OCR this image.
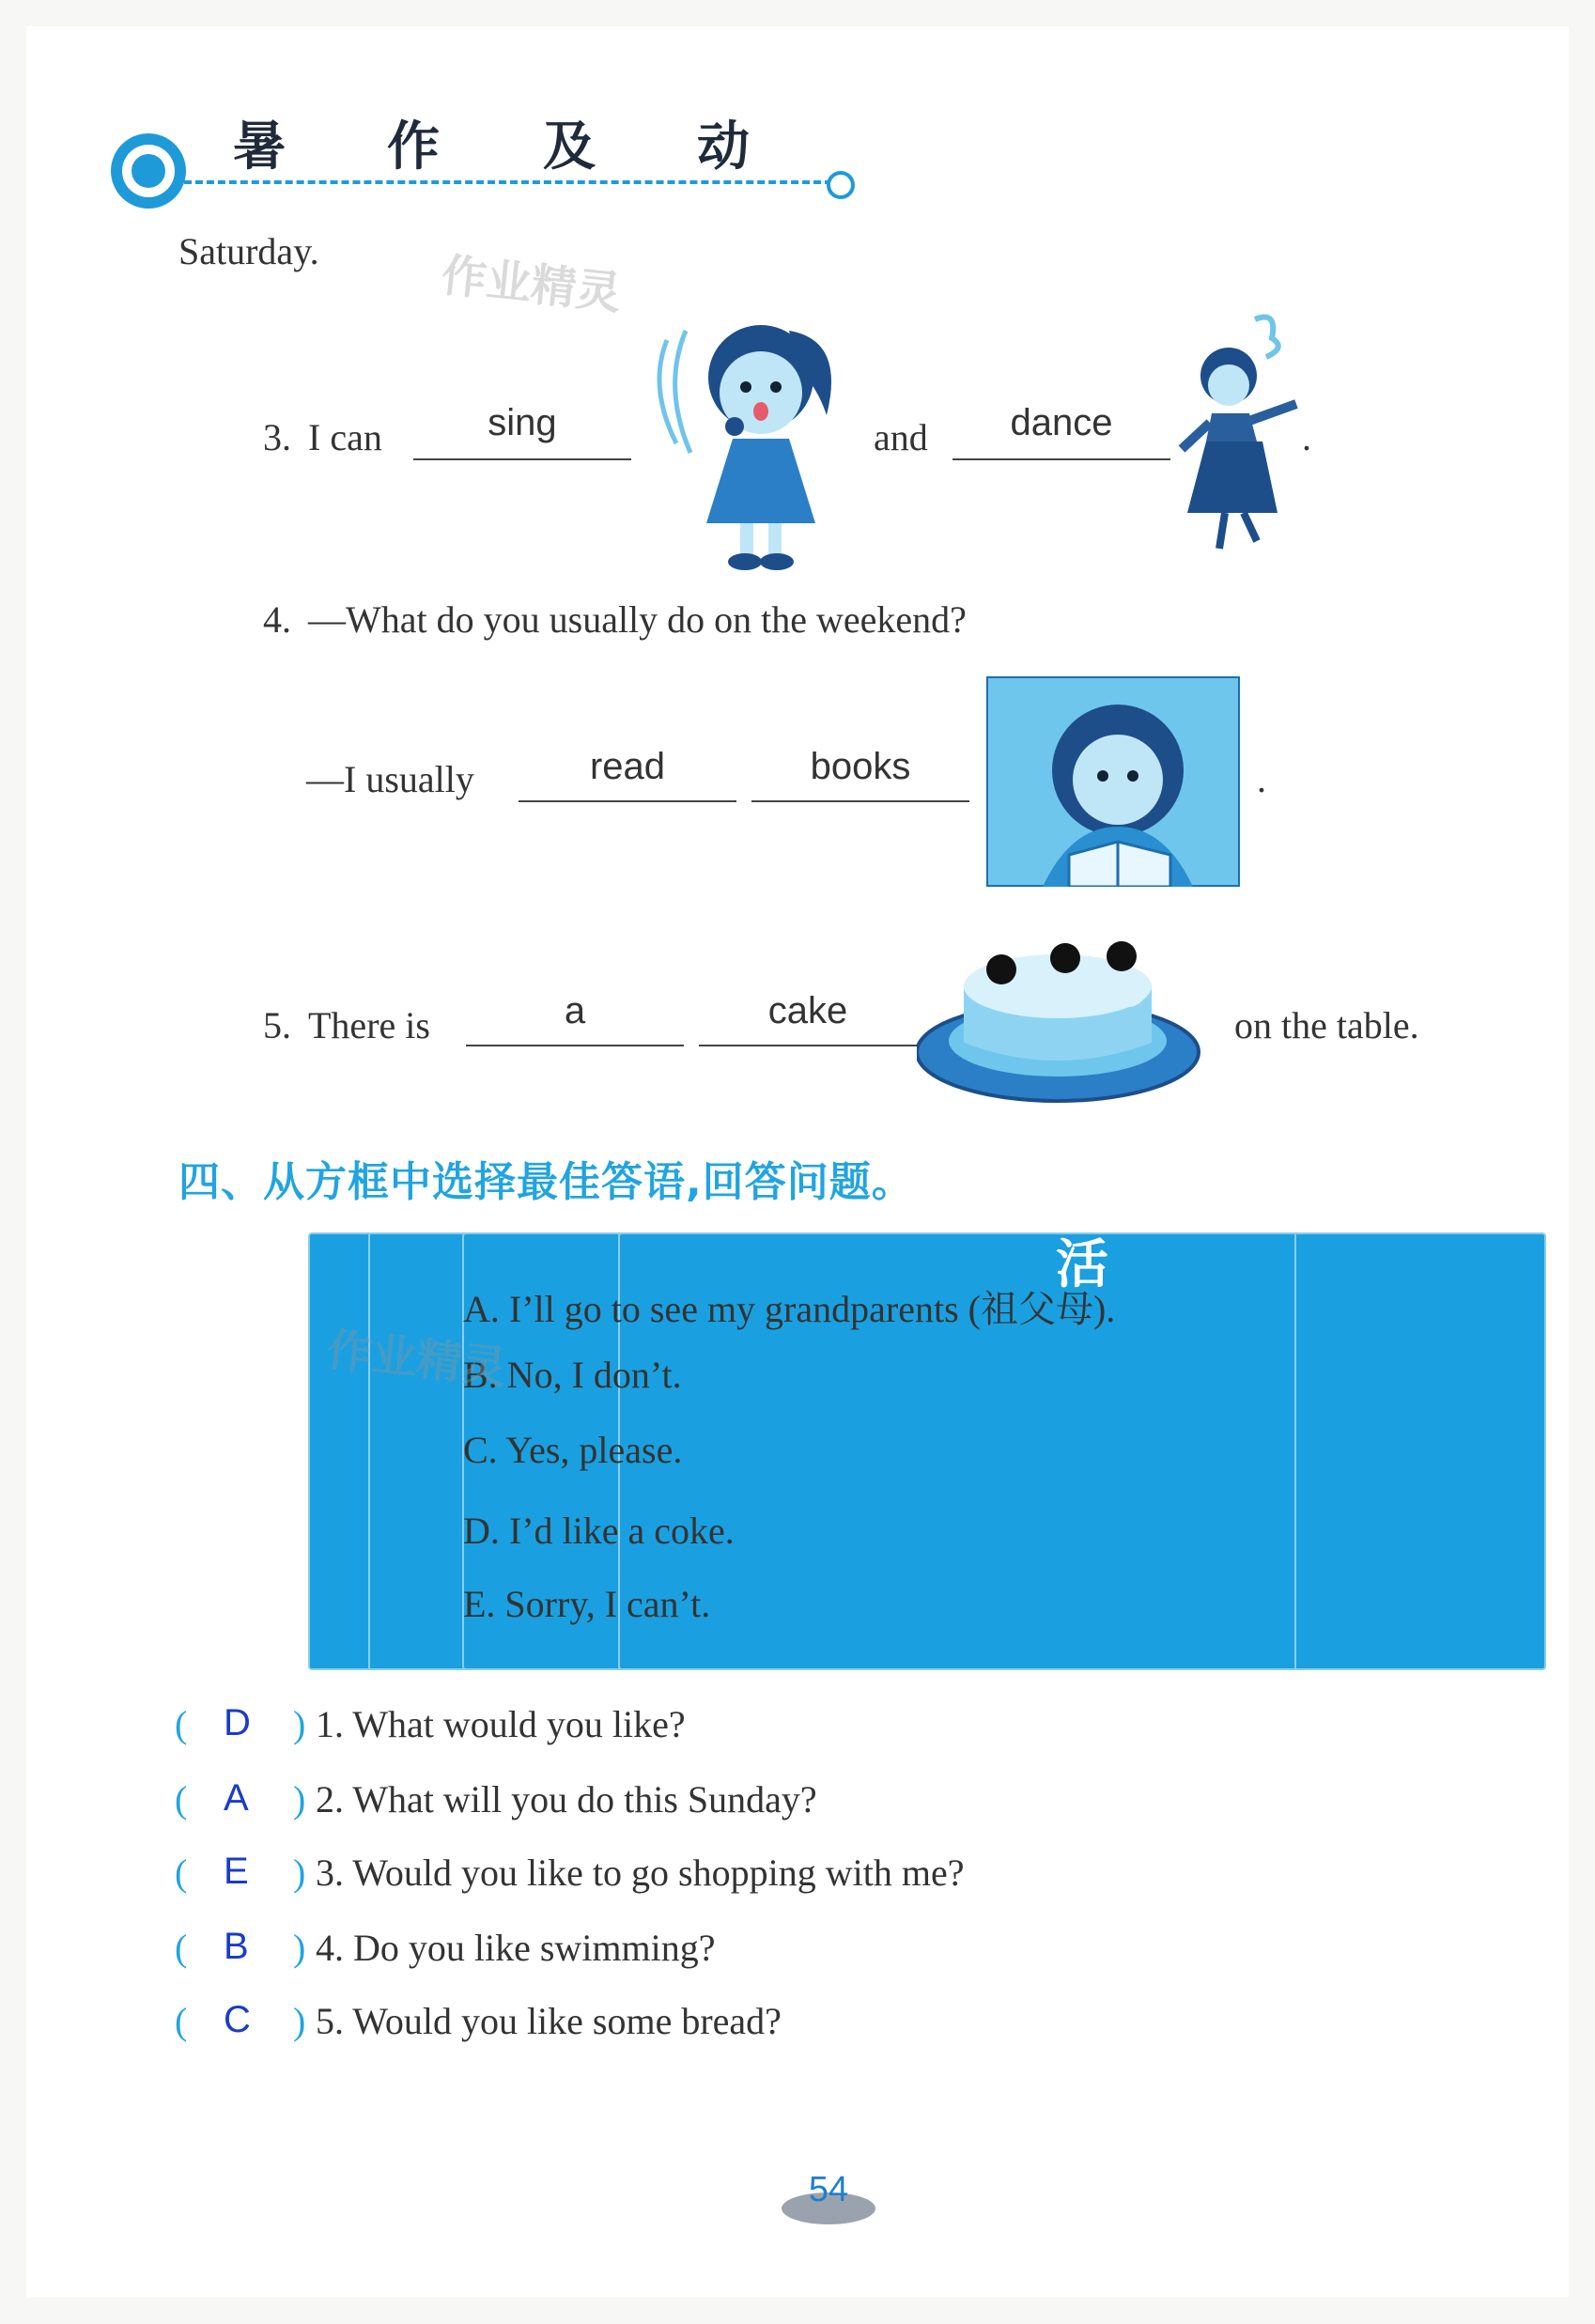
暑 作 及
活
动
Saturday.	作业精灵
3. I can	sing	and	dance	.
4. —What do you usually do on the weekend?
—I usually	read	books	.
5. There is	a	cake	on the table.
四、从方框中选择最佳答语,回答问题。
A. I’ll go to see my grandparents (祖父母).
B. No, I don’t.
C. Yes, please.
D. I’d like a coke.
E. Sorry, I can’t.
作业精灵
( D ) 1. What would you like?
( A ) 2. What will you do this Sunday?
( E ) 3. Would you like to go shopping with me?
( B ) 4. Do you like swimming?
( C ) 5. Would you like some bread?
54
